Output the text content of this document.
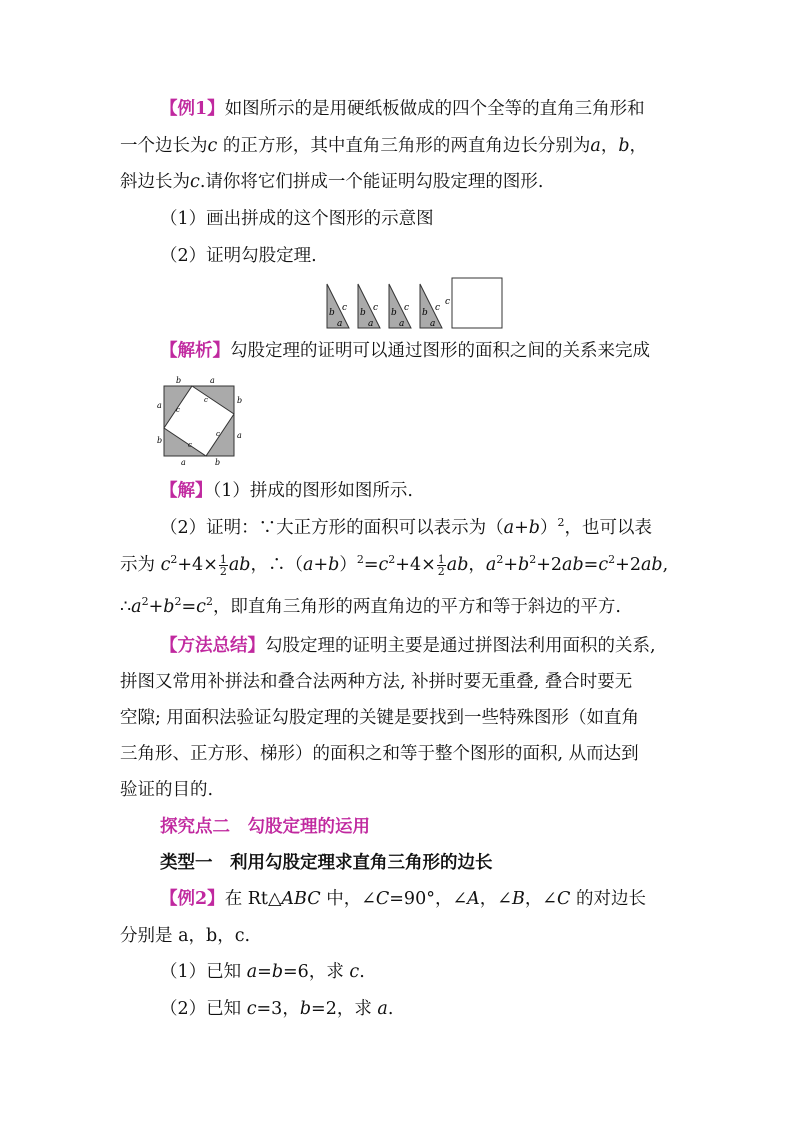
【例1】如图所示的是用硬纸板做成的四个全等的直角三角形和
一个边长为c 的正方形，其中直角三角形的两直角边长分别为a，b，
斜边长为c.请你将它们拼成一个能证明勾股定理的图形.
（1）画出拼成的这个图形的示意图
（2）证明勾股定理.
b
a
c b
a
c b
a
c b
a
c
c
【解析】勾股定理的证明可以通过图形的面积之间的关系来完成
b	a
a
b
b
a
a	b
c
c
c
c
【解】（1）拼成的图形如图所示.
（2）证明：∵大正方形的面积可以表示为$(a+b)^2$，也可以表
示为 $c^2+4\times \frac{1}{2}$ ab，$\therefore(a+b)^2=c^2+4\times \frac{1}{2}$ ab，$a^2+b^2+2ab=c^2+2ab$,
$\therefore a^2+b^2=c^2$，即直角三角形的两直角边的平方和等于斜边的平方.
【方法总结】勾股定理的证明主要是通过拼图法利用面积的关系,
拼图又常用补拼法和叠合法两种方法, 补拼时要无重叠, 叠合时要无
空隙; 用面积法验证勾股定理的关键是要找到一些特殊图形（如直角
三角形、正方形、梯形）的面积之和等于整个图形的面积, 从而达到
验证的目的.
探究点二　勾股定理的运用
类型一　利用勾股定理求直角三角形的边长
【例2】在 Rt△ABC 中，∠C=90°，∠A，∠B，∠C 的对边长
分别是 a，b，c.
（1）已知 a=b=6，求 c.
（2）已知 c=3，b=2，求 a.
